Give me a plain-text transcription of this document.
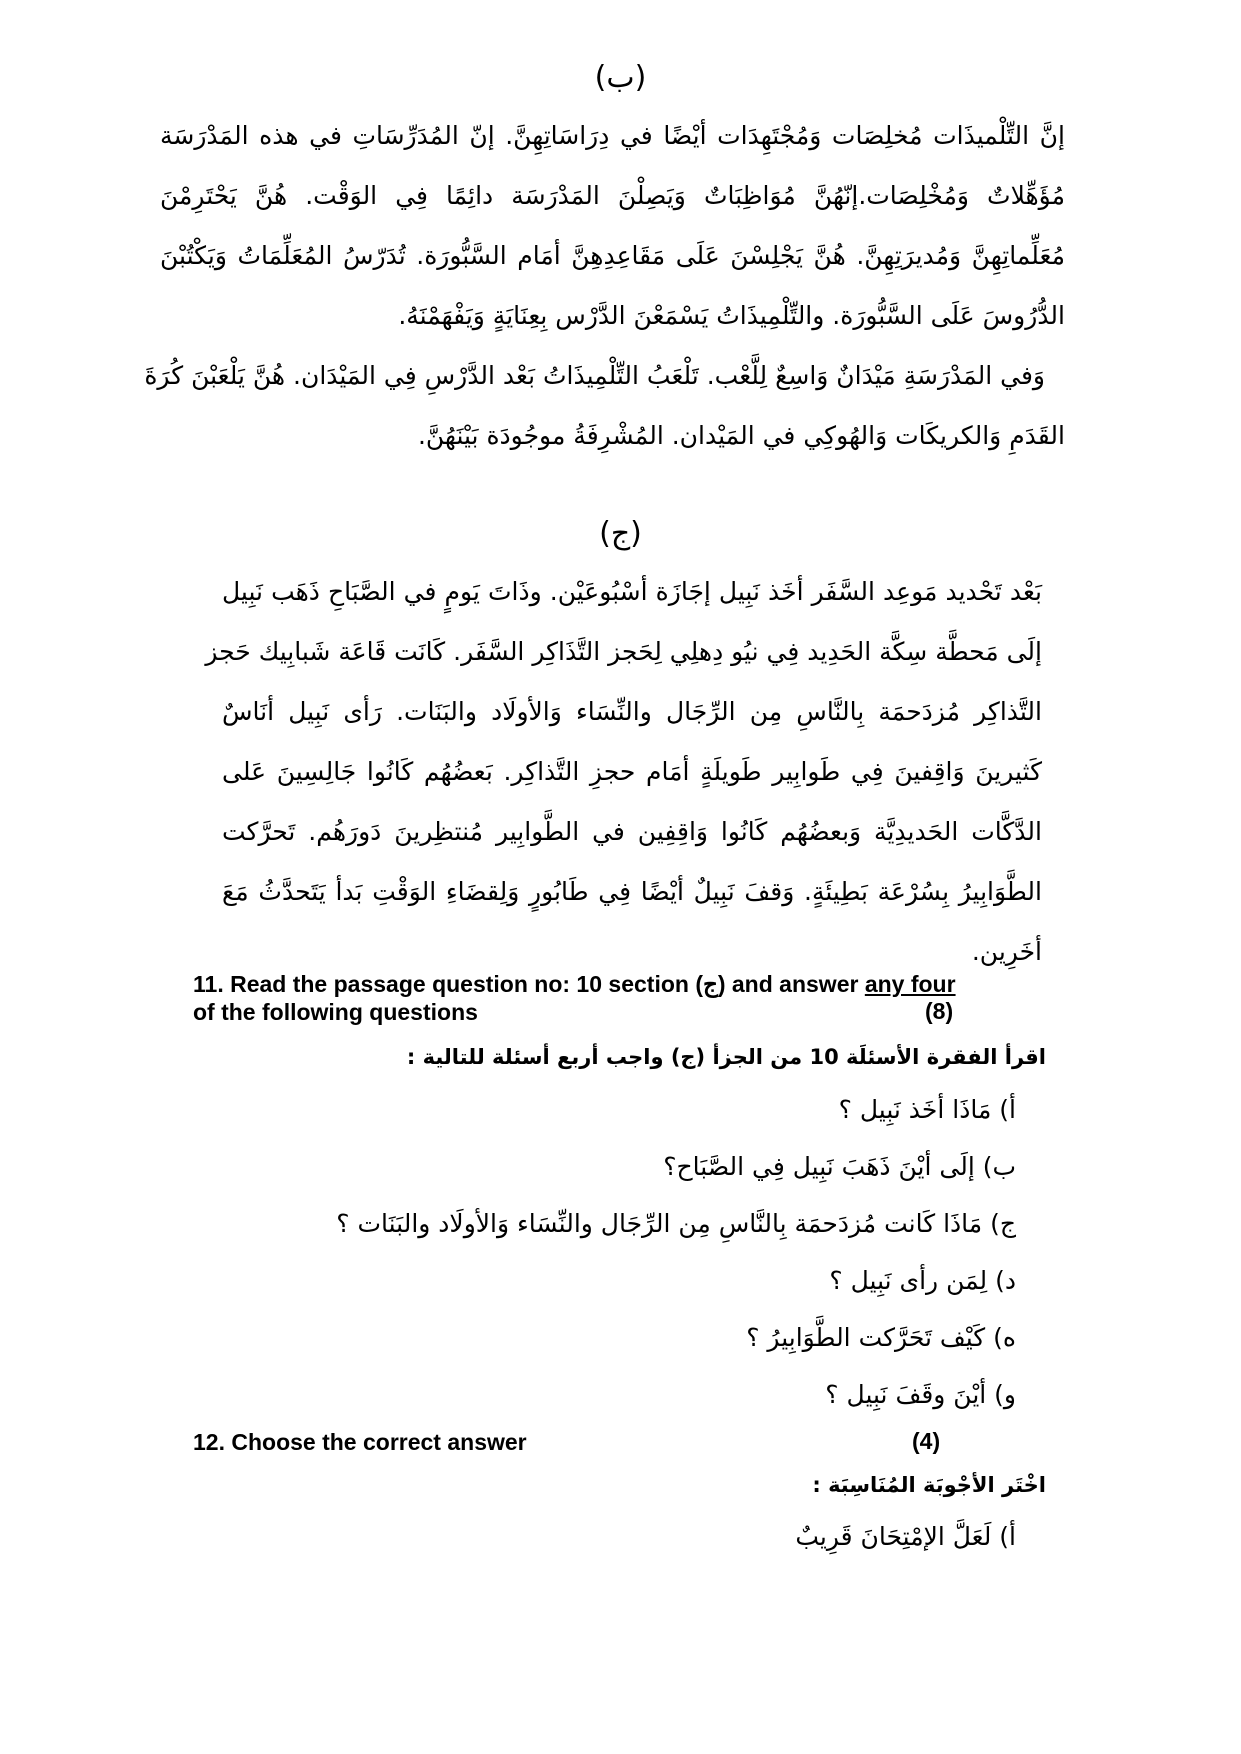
(ب)
إنَّ التِّلْميذَات مُخلِصَات وَمُجْتَهِدَات أيْضًا في دِرَاسَاتِهِنَّ. إنّ المُدَرِّسَاتِ في هذه المَدْرَسَة
مُؤَهِّلاتٌ وَمُخْلِصَات.إنّهُنَّ مُوَاظِبَاتٌ وَيَصِلْنَ المَدْرَسَة دائِمًا فِي الوَقْت. هُنَّ يَحْتَرِمْنَ
مُعَلِّماتِهِنَّ وَمُديرَتِهِنَّ. هُنَّ يَجْلِسْنَ عَلَى مَقَاعِدِهِنَّ أمَام السَّبُّورَة. تُدَرّسُ المُعَلِّمَاتُ وَيَكْتُبْنَ
الدُّرُوسَ عَلَى السَّبُّورَة. والتِّلْمِيذَاتُ يَسْمَعْنَ الدَّرْس بِعِنَايَةٍ وَيَفْهَمْنَهُ.
وَفي المَدْرَسَةِ مَيْدَانٌ وَاسِعٌ لِلَّعْب. تَلْعَبُ التِّلْمِيذَاتُ بَعْد الدَّرْسِ فِي المَيْدَان. هُنَّ يَلْعَبْنَ كُرَةَ
القَدَمِ وَالكريكَات وَالهُوكِي في المَيْدان. المُشْرِفَةُ موجُودَة بَيْنَهُنَّ.
(ج)
بَعْد تَحْديد مَوعِد السَّفَر أخَذ نَبِيل إجَازَة أسْبُوعَيْن. وذَاتَ يَومٍ في الصَّبَاحِ ذَهَب نَبِيل
إلَى مَحطَّة سِكَّة الحَدِيد فِي نيُو دِهلِي لِحَجز التَّذَاكِر السَّفَر. كَانَت قَاعَة شَبابِيك حَجز
التَّذاكِر مُزدَحمَة بِالنَّاسِ مِن الرِّجَال والنِّسَاء وَالأولَاد والبَنَات. رَأى نَبِيل أنَاسٌ
كَثيرينَ وَاقِفينَ فِي طَوابِير طَويلَةٍ أمَام حجزِ التَّذاكِر. بَعضُهُم كَانُوا جَالِسِينَ عَلى
الدَّكَّات الحَديدِيَّة وَبعضُهُم كَانُوا وَاقِفِين في الطَّوابِير مُنتظِرينَ دَورَهُم. تَحرَّكت
الطَّوَابِيرُ بِسُرْعَة بَطِيئَةٍ. وَقفَ نَبِيلٌ أيْضًا فِي طَابُورٍ وَلِقضَاءِ الوَقْتِ بَدأ يَتَحدَّثُ مَعَ
أخَرِين.
11. Read the passage question no: 10 section (ج) and answer any four
of the following questions	(8)
اقرأ الفقرة الأسئلَة 10 من الجزأ (ج) واجب أربع أسئلة للتالية :
أ) مَاذَا أخَذ نَبِيل ؟
ب) إلَى أيْنَ ذَهَبَ نَبِيل فِي الصَّبَاح؟
ج) مَاذَا كَانت مُزدَحمَة بِالنَّاسِ مِن الرِّجَال والنِّسَاء وَالأولَاد والبَنَات ؟
د) لِمَن رأى نَبِيل ؟
ه) كَيْف تَحَرَّكت الطَّوَابِيرُ ؟
و) أيْنَ وقَفَ نَبِيل ؟
12. Choose the correct answer	(4)
اخْتَر الأجْوبَة المُنَاسِبَة :
أ) لَعَلَّ الإمْتِحَانَ قَرِيبٌ
